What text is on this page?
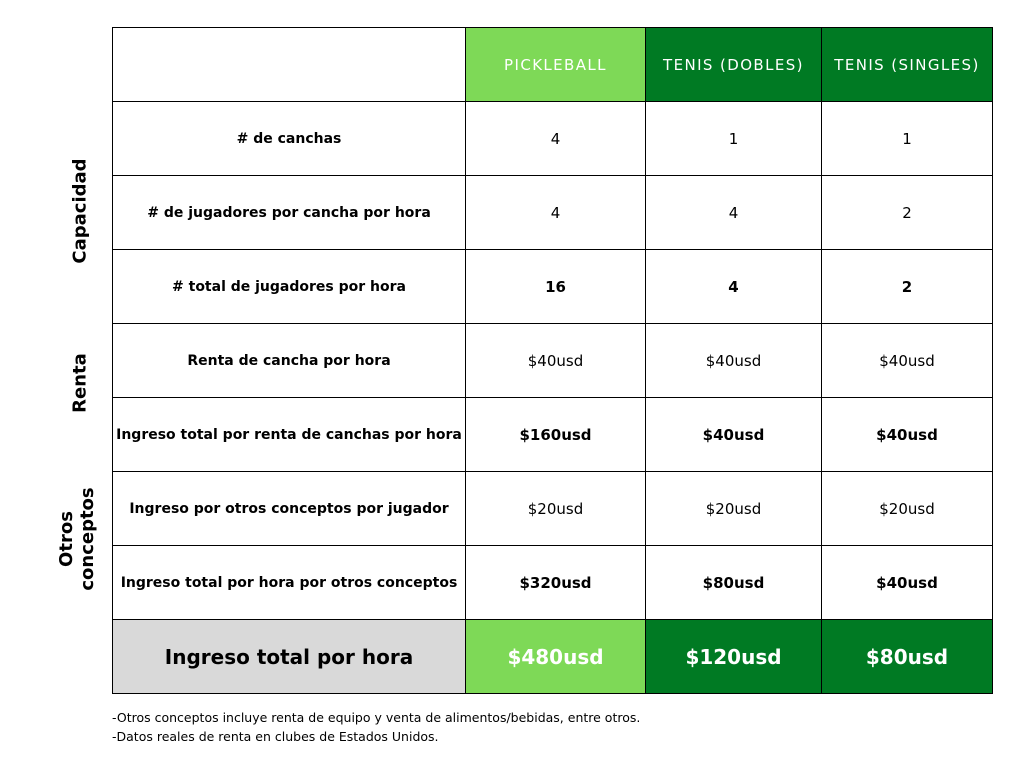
Capacidad
Renta
Otros
conceptos
	PICKLEBALL	TENIS (DOBLES)	TENIS (SINGLES)
# de canchas	4	1	1
# de jugadores por cancha por hora	4	4	2
# total de jugadores por hora	16	4	2
Renta de cancha por hora	$40usd	$40usd	$40usd
Ingreso total por renta de canchas por hora	$160usd	$40usd	$40usd
Ingreso por otros conceptos por jugador	$20usd	$20usd	$20usd
Ingreso total por hora por otros conceptos	$320usd	$80usd	$40usd
Ingreso total por hora	$480usd	$120usd	$80usd
-Otros conceptos incluye renta de equipo y venta de alimentos/bebidas, entre otros.
-Datos reales de renta en clubes de Estados Unidos.
